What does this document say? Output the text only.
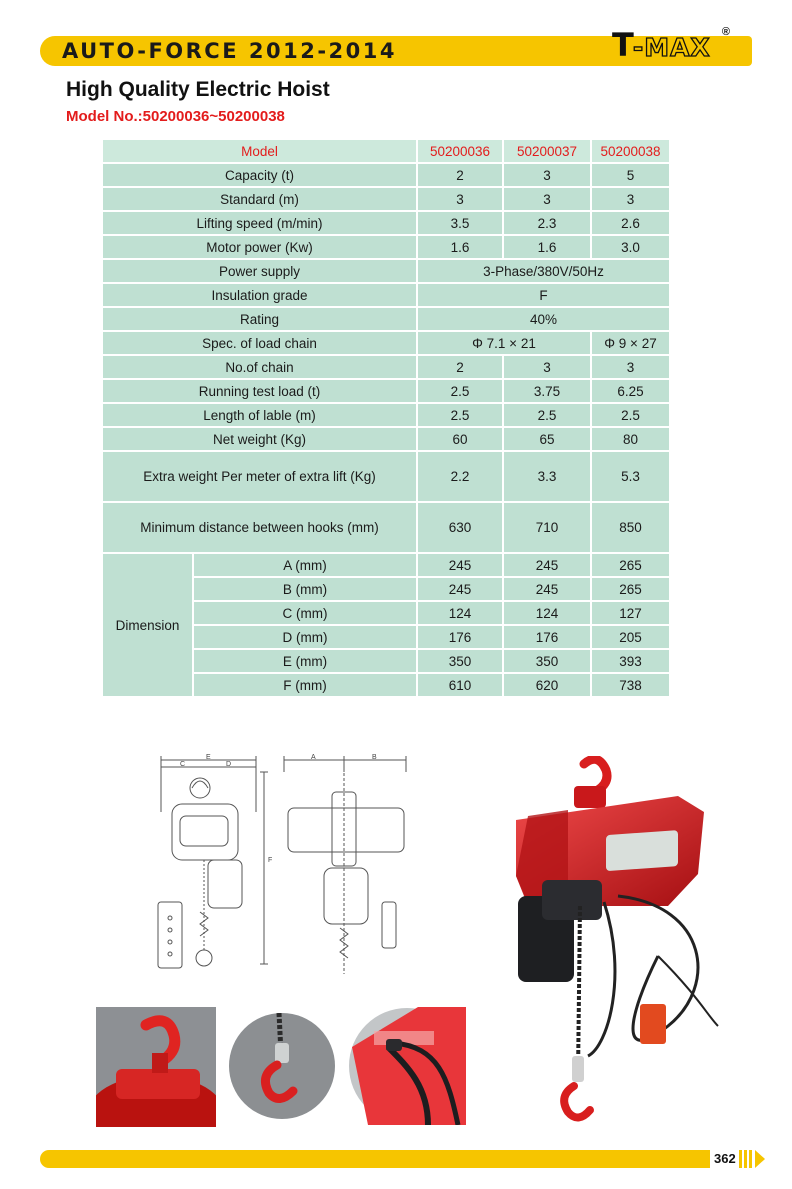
AUTO-FORCE 2012-2014	T-MAX
®
High Quality Electric Hoist
Model No.:50200036~50200038
Model		50200036	50200037	50200038
Capacity (t)		2	3	5
Standard (m)		3	3	3
Lifting speed (m/min)		3.5	2.3	2.6
Motor power (Kw)		1.6	1.6	3.0
Power supply		3-Phase/380V/50Hz		
Insulation grade		F		
Rating		40%		
Spec. of load chain		Φ 7.1 × 21		Φ 9 × 27
No.of chain		2	3	3
Running test load (t)		2.5	3.75	6.25
Length of lable (m)		2.5	2.5	2.5
Net weight (Kg)		60	65	80
Extra weight Per meter of extra lift (Kg)		2.2	3.3	5.3
Minimum distance between hooks (mm)		630	710	850
Dimension	A (mm)	245	245	265
	B (mm)	245	245	265
	C (mm)	124	124	127
	D (mm)	176	176	205
	E (mm)	350	350	393
	F (mm)	610	620	738
C
E
D
F
A	B
362
